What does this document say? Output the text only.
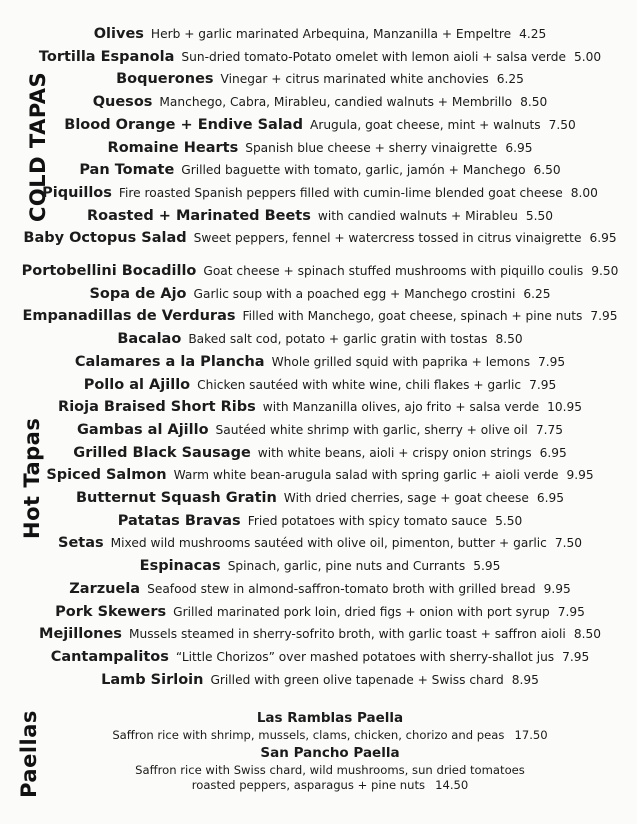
COLD TAPAS
Hot Tapas
Paellas
Olives Herb + garlic marinated Arbequina, Manzanilla + Empeltre 4.25
Tortilla Espanola Sun-dried tomato-Potato omelet with lemon aioli + salsa verde 5.00
Boquerones Vinegar + citrus marinated white anchovies 6.25
Quesos Manchego, Cabra, Mirableu, candied walnuts + Membrillo 8.50
Blood Orange + Endive Salad Arugula, goat cheese, mint + walnuts 7.50
Romaine Hearts Spanish blue cheese + sherry vinaigrette 6.95
Pan Tomate Grilled baguette with tomato, garlic, jamón + Manchego 6.50
Piquillos Fire roasted Spanish peppers filled with cumin-lime blended goat cheese 8.00
Roasted + Marinated Beets with candied walnuts + Mirableu 5.50
Baby Octopus Salad Sweet peppers, fennel + watercress tossed in citrus vinaigrette 6.95
Portobellini Bocadillo Goat cheese + spinach stuffed mushrooms with piquillo coulis 9.50
Sopa de Ajo Garlic soup with a poached egg + Manchego crostini 6.25
Empanadillas de Verduras Filled with Manchego, goat cheese, spinach + pine nuts 7.95
Bacalao Baked salt cod, potato + garlic gratin with tostas 8.50
Calamares a la Plancha Whole grilled squid with paprika + lemons 7.95
Pollo al Ajillo Chicken sautéed with white wine, chili flakes + garlic 7.95
Rioja Braised Short Ribs with Manzanilla olives, ajo frito + salsa verde 10.95
Gambas al Ajillo Sautéed white shrimp with garlic, sherry + olive oil 7.75
Grilled Black Sausage with white beans, aioli + crispy onion strings 6.95
Spiced Salmon Warm white bean-arugula salad with spring garlic + aioli verde 9.95
Butternut Squash Gratin With dried cherries, sage + goat cheese 6.95
Patatas Bravas Fried potatoes with spicy tomato sauce 5.50
Setas Mixed wild mushrooms sautéed with olive oil, pimenton, butter + garlic 7.50
Espinacas Spinach, garlic, pine nuts and Currants 5.95
Zarzuela Seafood stew in almond-saffron-tomato broth with grilled bread 9.95
Pork Skewers Grilled marinated pork loin, dried figs + onion with port syrup 7.95
Mejillones Mussels steamed in sherry-sofrito broth, with garlic toast + saffron aioli 8.50
Cantampalitos “Little Chorizos” over mashed potatoes with sherry-shallot jus 7.95
Lamb Sirloin Grilled with green olive tapenade + Swiss chard 8.95
Las Ramblas Paella
Saffron rice with shrimp, mussels, clams, chicken, chorizo and peas 17.50
San Pancho Paella
Saffron rice with Swiss chard, wild mushrooms, sun dried tomatoes
roasted peppers, asparagus + pine nuts 14.50
